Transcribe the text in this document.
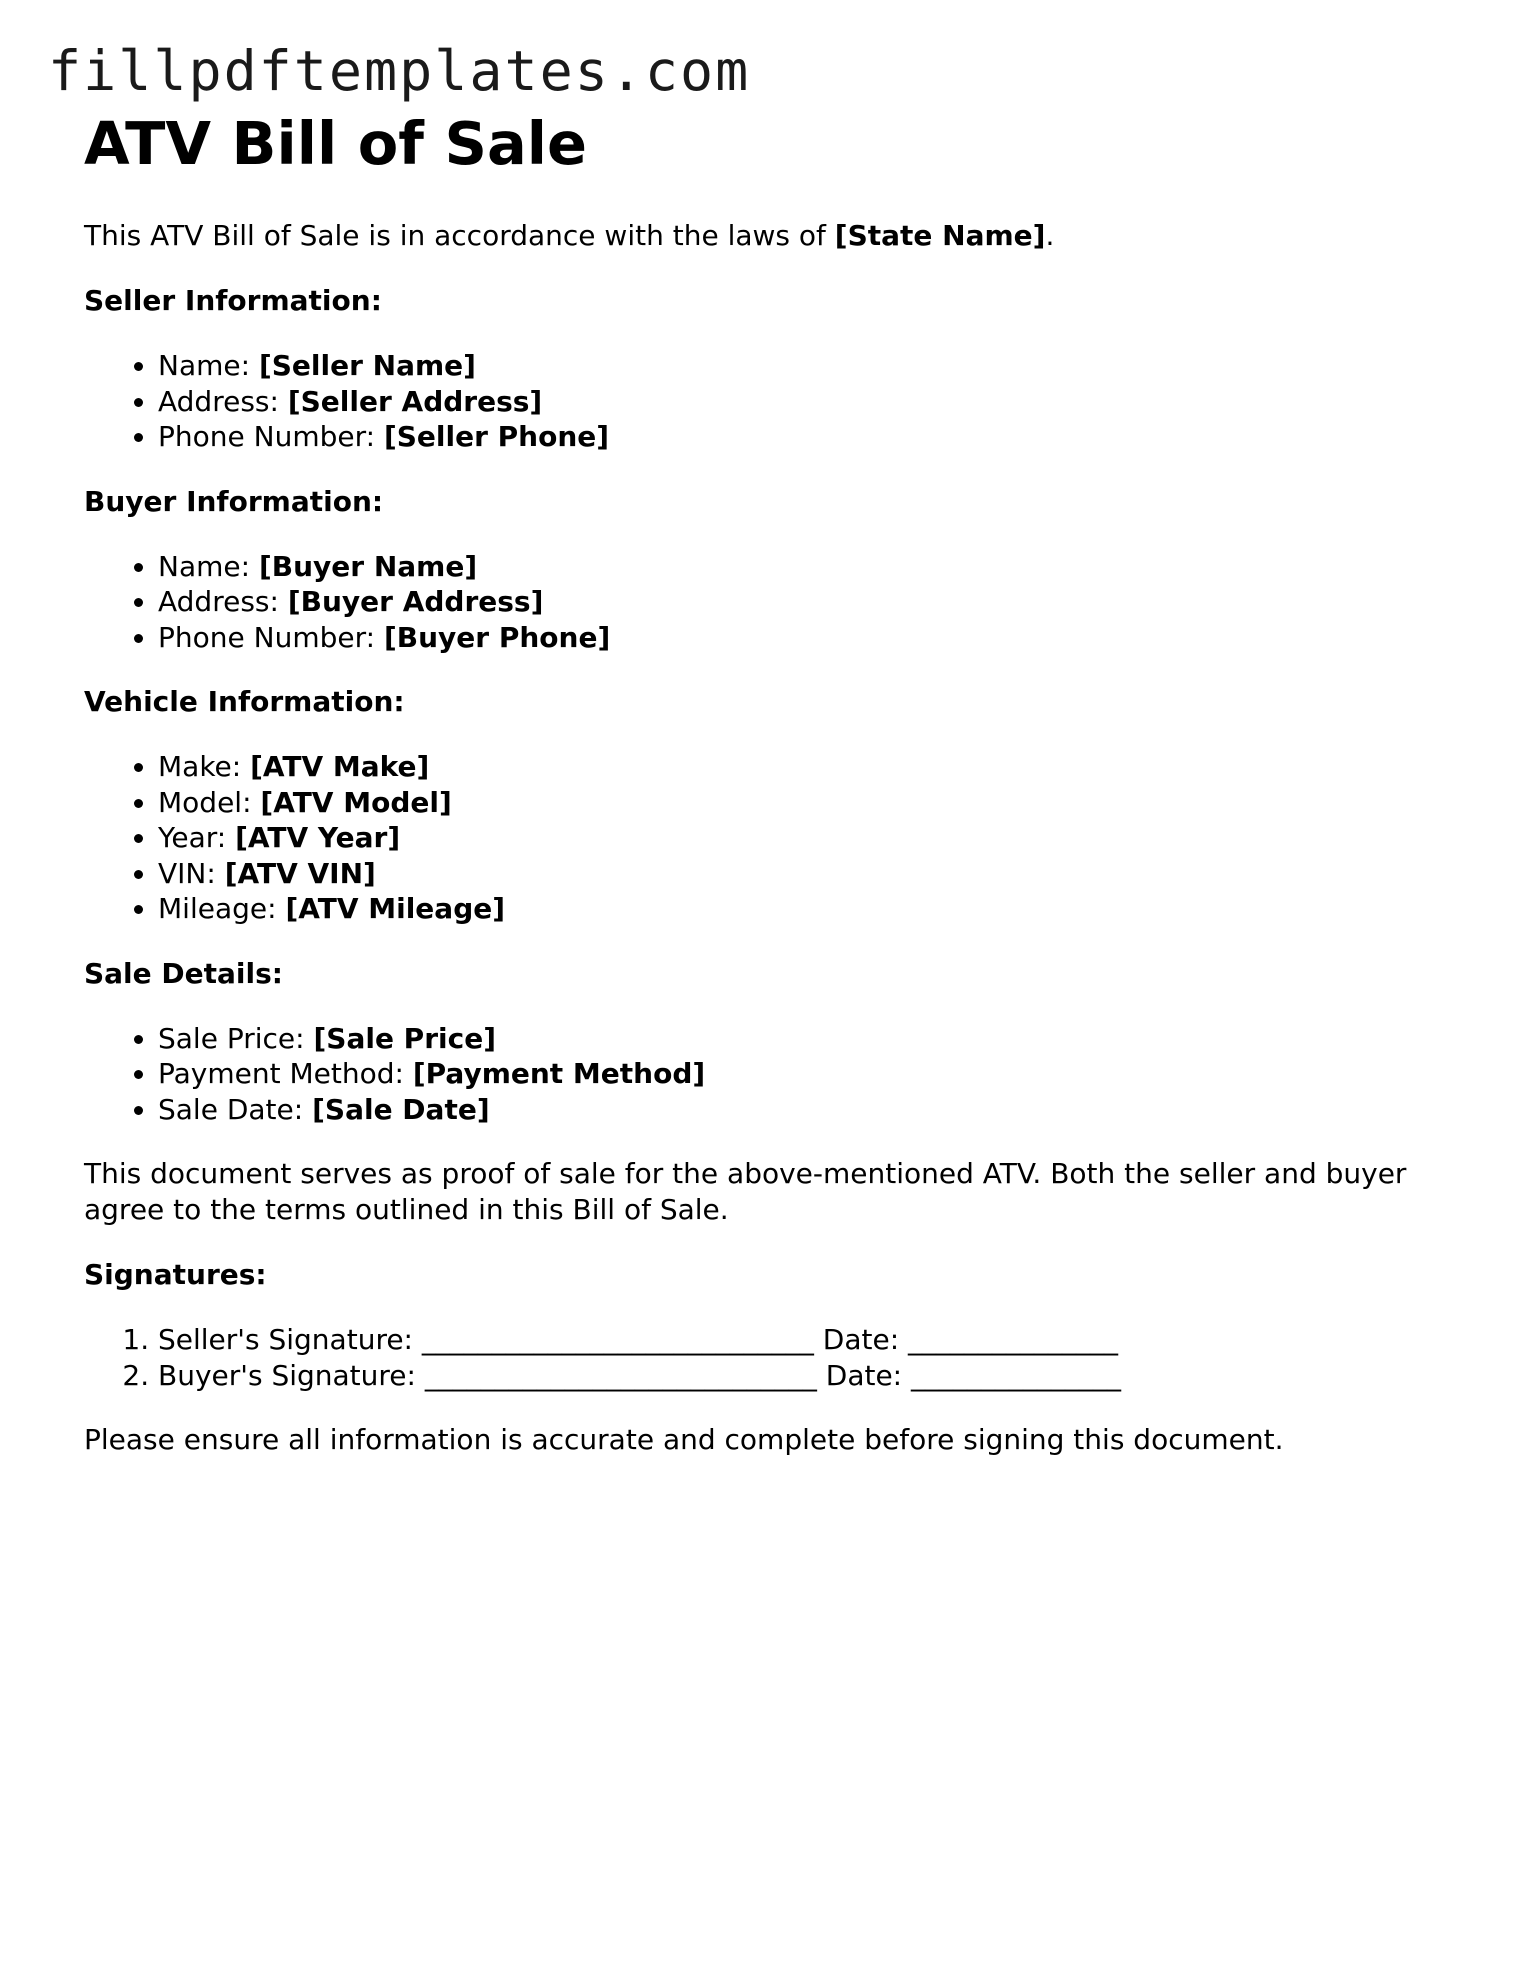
fillpdftemplates.com
ATV Bill of Sale

This ATV Bill of Sale is in accordance with the laws of [State Name].

Seller Information:

• Name: [Seller Name]
• Address: [Seller Address]
• Phone Number: [Seller Phone]

Buyer Information:

• Name: [Buyer Name]
• Address: [Buyer Address]
• Phone Number: [Buyer Phone]

Vehicle Information:

• Make: [ATV Make]
• Model: [ATV Model]
• Year: [ATV Year]
• VIN: [ATV VIN]
• Mileage: [ATV Mileage]

Sale Details:

• Sale Price: [Sale Price]
• Payment Method: [Payment Method]
• Sale Date: [Sale Date]

This document serves as proof of sale for the above-mentioned ATV. Both the seller and buyer agree to the terms outlined in this Bill of Sale.

Signatures:

1. Seller's Signature: ____________________________ Date: _______________
2. Buyer's Signature: ____________________________ Date: _______________

Please ensure all information is accurate and complete before signing this document.
